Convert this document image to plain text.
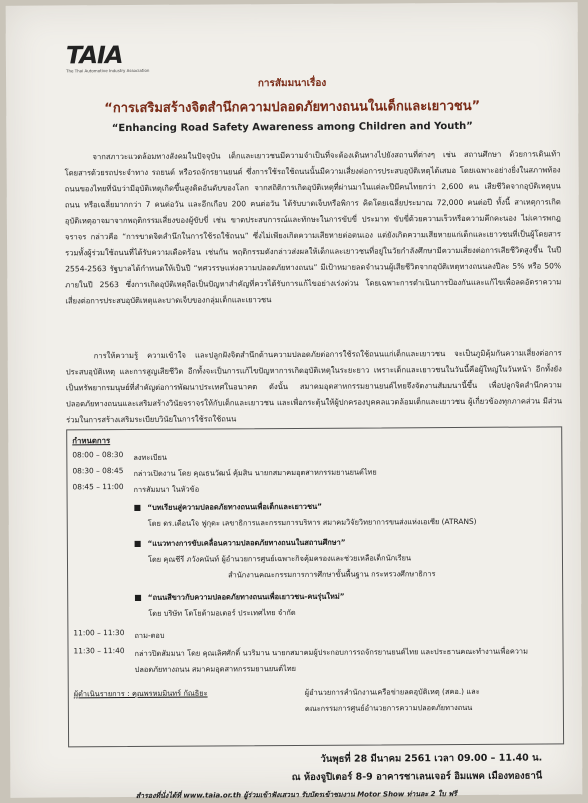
TAIA
The Thai Automotive Industry Association
การสัมมนาเรื่อง
“การเสริมสร้างจิตสำนึกความปลอดภัยทางถนนในเด็กและเยาวชน”
“Enhancing Road Safety Awareness among Children and Youth”
จากสภาวะแวดล้อมทางสังคมในปัจจุบัน เด็กและเยาวชนมีความจำเป็นที่จะต้องเดินทางไปยังสถานที่ต่างๆ เช่น สถานศึกษา ด้วยการเดินเท้า โดยสารด้วยรถประจำทาง รถยนต์ หรือรถจักรยานยนต์ ซึ่งการใช้รถใช้ถนนนั้นมีความเสี่ยงต่อการประสบอุบัติเหตุได้เสมอ โดยเฉพาะอย่างยิ่งในสภาพท้องถนนของไทยที่นับว่ามีอุบัติเหตุเกิดขึ้นสูงติดอันดับของโลก จากสถิติการเกิดอุบัติเหตุที่ผ่านมาในแต่ละปีมีคนไทยกว่า 2,600 คน เสียชีวิตจากอุบัติเหตุบนถนน หรือเฉลี่ยมากกว่า 7 คนต่อวัน และอีกเกือบ 200 คนต่อวัน ได้รับบาดเจ็บหรือพิการ คิดโดยเฉลี่ยประมาณ 72,000 คนต่อปี ทั้งนี้ สาเหตุการเกิดอุบัติเหตุอาจมาจากพฤติกรรมเสี่ยงของผู้ขับขี่ เช่น ขาดประสบการณ์และทักษะในการขับขี่ ประมาท ขับขี่ด้วยความเร็วหรือความคึกคะนอง ไม่เคารพกฎจราจร กล่าวคือ “การขาดจิตสำนึกในการใช้รถใช้ถนน” ซึ่งไม่เพียงเกิดความเสียหายต่อตนเอง แต่ยังเกิดความเสียหายแก่เด็กและเยาวชนที่เป็นผู้โดยสาร รวมทั้งผู้ร่วมใช้ถนนที่ได้รับความเดือดร้อน เช่นกัน พฤติกรรมดังกล่าวส่งผลให้เด็กและเยาวชนที่อยู่ในวัยกำลังศึกษามีความเสี่ยงต่อการเสียชีวิตสูงขึ้น ในปี 2554-2563 รัฐบาลได้กำหนดให้เป็นปี “ทศวรรษแห่งความปลอดภัยทางถนน” มีเป้าหมายลดจำนวนผู้เสียชีวิตจากอุบัติเหตุทางถนนลงปีละ 5% หรือ 50% ภายในปี 2563 ซึ่งการเกิดอุบัติเหตุถือเป็นปัญหาสำคัญที่ควรได้รับการแก้ไขอย่างเร่งด่วน โดยเฉพาะการดำเนินการป้องกันและแก้ไขเพื่อลดอัตราความเสี่ยงต่อการประสบอุบัติเหตุและบาดเจ็บของกลุ่มเด็กและเยาวชน
การให้ความรู้ ความเข้าใจ และปลูกฝังจิตสำนึกด้านความปลอดภัยต่อการใช้รถใช้ถนนแก่เด็กและเยาวชน จะเป็นภูมิคุ้มกันความเสี่ยงต่อการประสบอุบัติเหตุ และการสูญเสียชีวิต อีกทั้งจะเป็นการแก้ไขปัญหาการเกิดอุบัติเหตุในระยะยาว เพราะเด็กและเยาวชนในวันนี้คือผู้ใหญ่ในวันหน้า อีกทั้งยังเป็นทรัพยากรมนุษย์ที่สำคัญต่อการพัฒนาประเทศในอนาคต ดังนั้น สมาคมอุตสาหกรรมยานยนต์ไทยจึงจัดงานสัมมนานี้ขึ้น เพื่อปลูกจิตสำนึกความปลอดภัยทางถนนและเสริมสร้างวินัยจราจรให้กับเด็กและเยาวชน และเพื่อกระตุ้นให้ผู้ปกครองบุคคลแวดล้อมเด็กและเยาวชน ผู้เกี่ยวข้องทุกภาคส่วน มีส่วนร่วมในการสร้างเสริมระเบียบวินัยในการใช้รถใช้ถนน
กำหนดการ
08:00 – 08:30 ลงทะเบียน
08:30 – 08:45 กล่าวเปิดงาน โดย คุณธนวัฒน์ คุ้มสิน นายกสมาคมอุตสาหกรรมยานยนต์ไทย
08:45 – 11:00 การสัมมนา ในหัวข้อ
■ “บทเรียนสู่ความปลอดภัยทางถนนเพื่อเด็กและเยาวชน”
โดย ดร.เดือนใจ ฟูกุดะ เลขาธิการและกรรมการบริหาร สมาคมวิจัยวิทยาการขนส่งแห่งเอเซีย (ATRANS)
■ “แนวทางการขับเคลื่อนความปลอดภัยทางถนนในสถานศึกษา”
โดย คุณชีรี ภวังคนันท์ ผู้อำนวยการศูนย์เฉพาะกิจคุ้มครองและช่วยเหลือเด็กนักเรียน
สำนักงานคณะกรรมการการศึกษาขั้นพื้นฐาน กระทรวงศึกษาธิการ
■ “ถนนสีขาวกับความปลอดภัยทางถนนเพื่อเยาวชน-คนรุ่นใหม่”
โดย บริษัท โตโยต้ามอเตอร์ ประเทศไทย จำกัด
11:00 – 11:30 ถาม-ตอบ
11:30 – 11:40 กล่าวปิดสัมมนา โดย คุณเลิศศักดิ์ นวริมาน นายกสมาคมผู้ประกอบการรถจักรยานยนต์ไทย และประธานคณะทำงานเพื่อความปลอดภัยทางถนน สมาคมอุตสาหกรรมยานยนต์ไทย
ผู้ดำเนินรายการ : คุณพรหมมินทร์ กัณธิยะ	ผู้อำนวยการสำนักงานเครือข่ายลดอุบัติเหตุ (สคอ.) และ
คณะกรรมการศูนย์อำนวยการความปลอดภัยทางถนน
วันพุธที่ 28 มีนาคม 2561 เวลา 09.00 – 11.40 น.
ณ ห้องจูปิเตอร์ 8-9 อาคารชาเลนเจอร์ อิมแพค เมืองทองธานี
สำรองที่นั่งได้ที่ www.taia.or.th ผู้ร่วมเข้าฟังเสวนา รับบัตรเข้าชมงาน Motor Show ท่านละ 2 ใบ ฟรี
